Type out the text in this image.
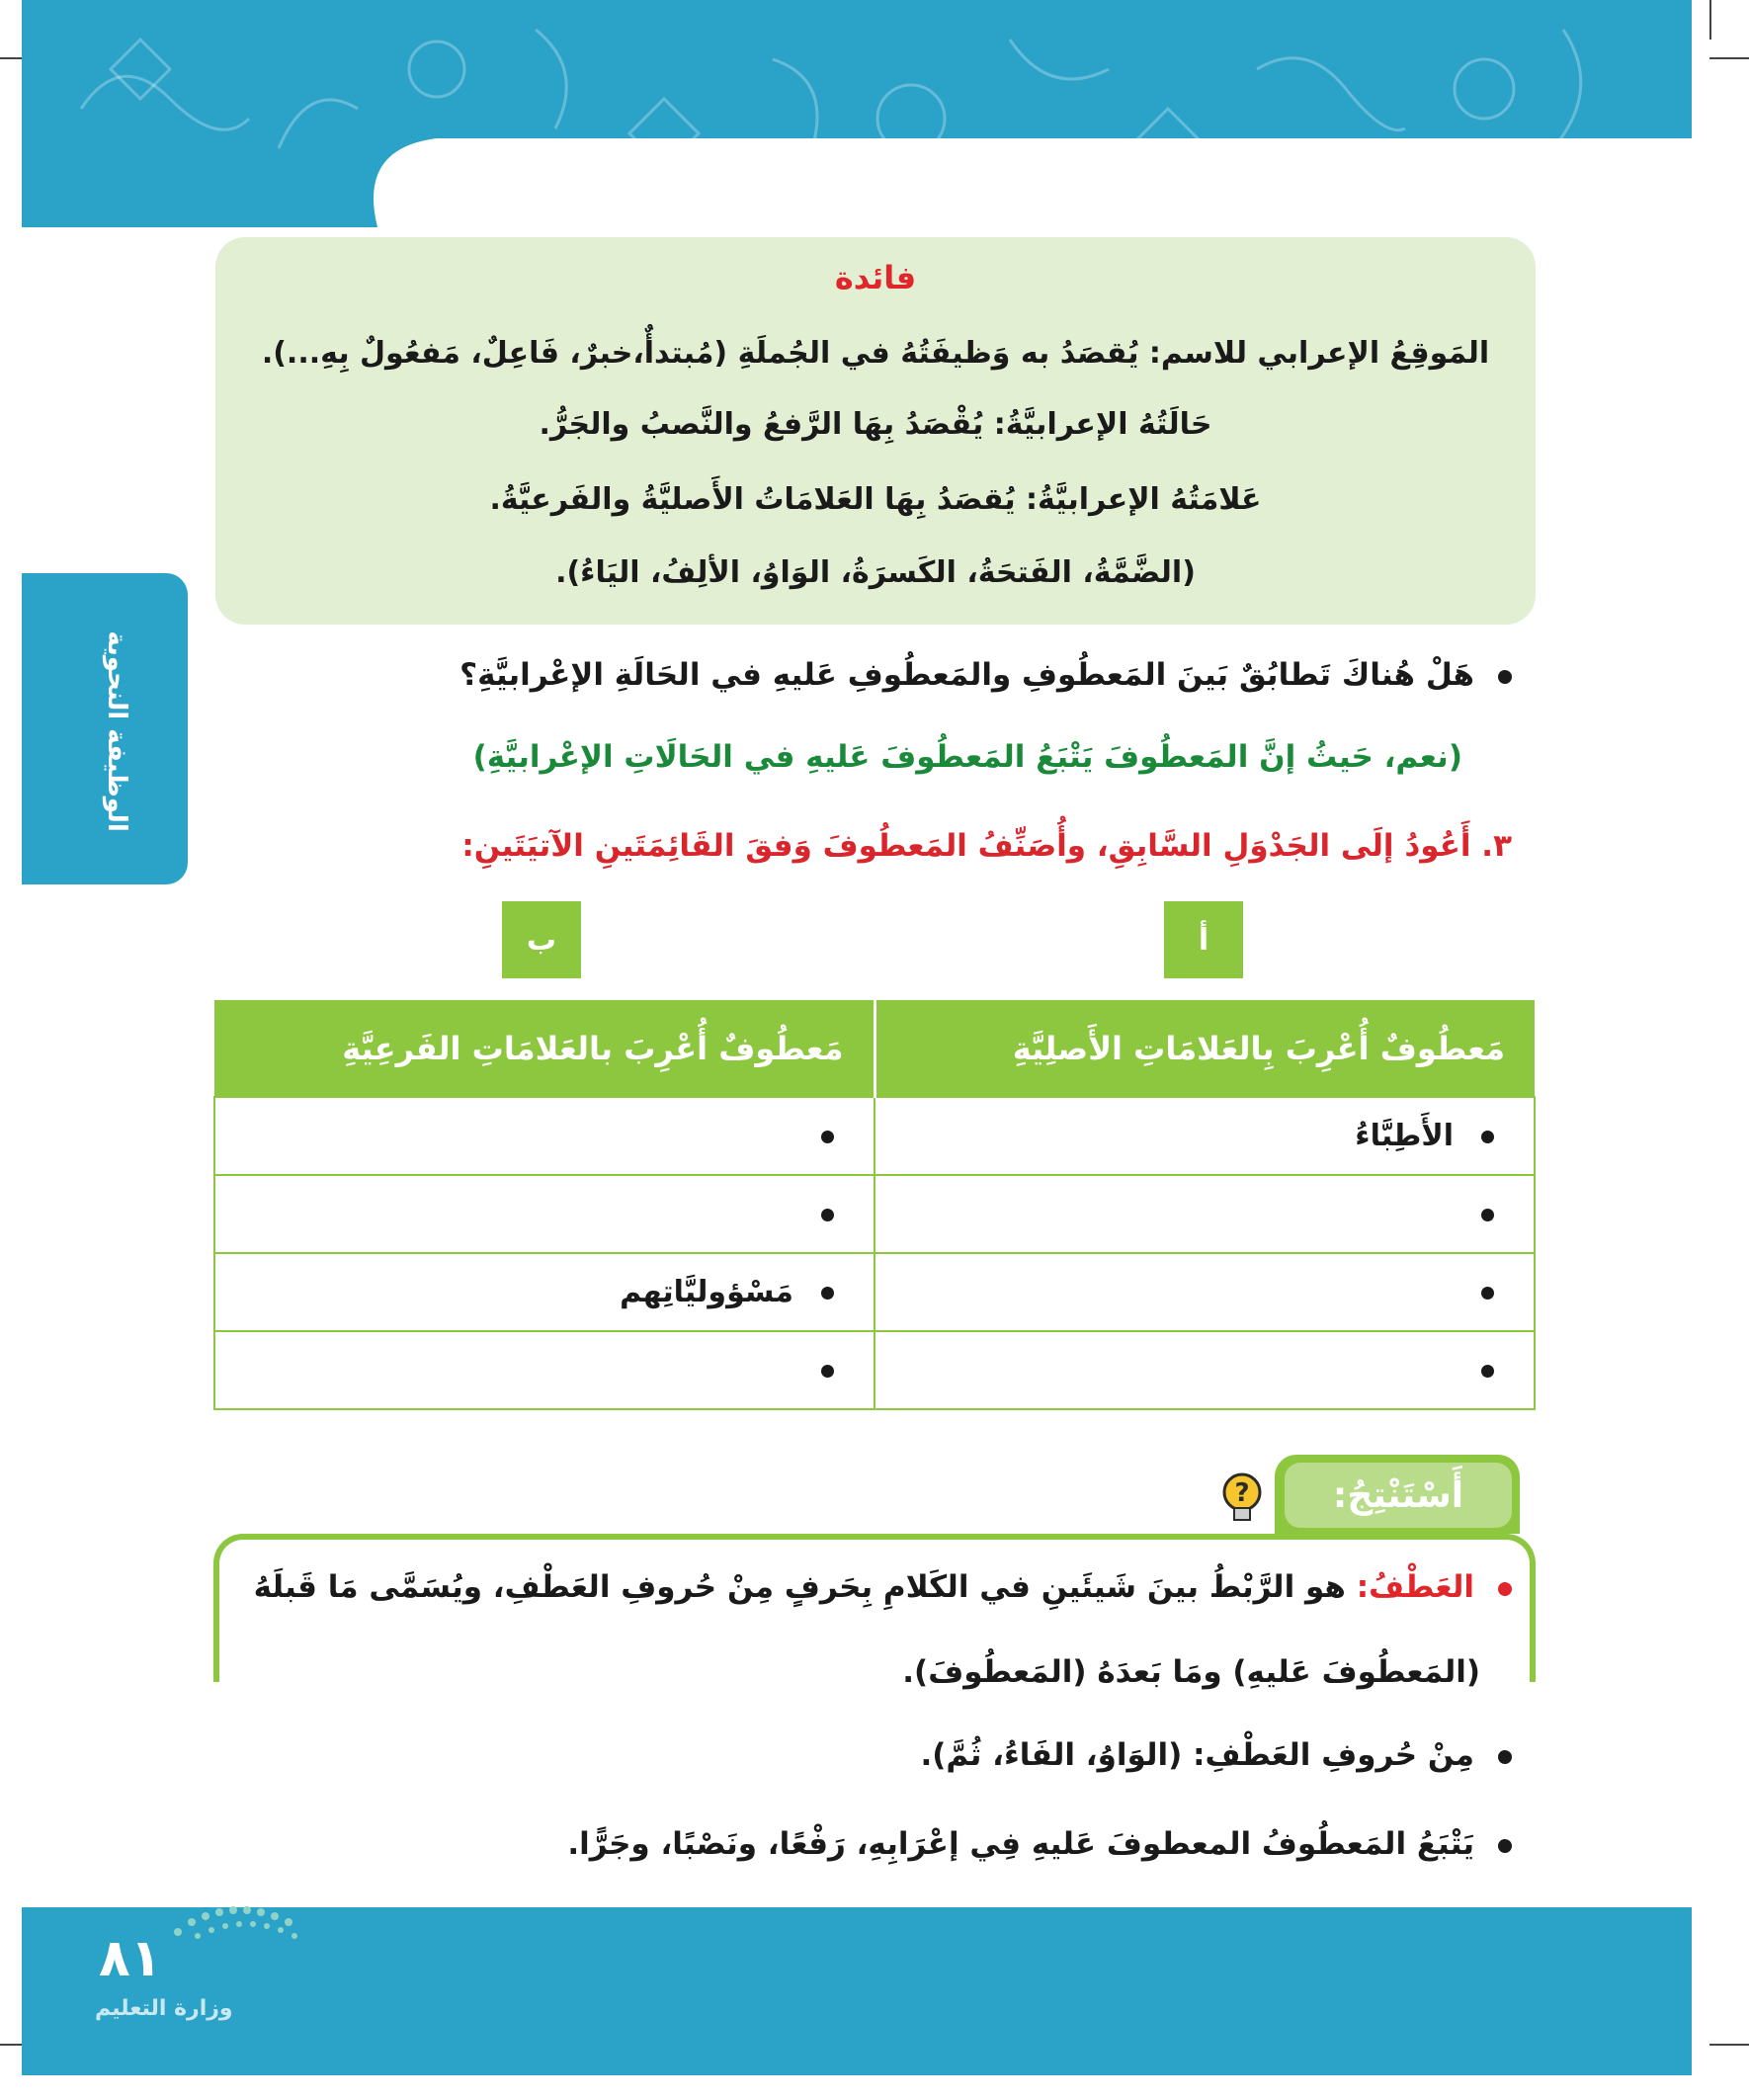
الوظيفة النحوية
فائدة
المَوقِعُ الإعرابي للاسم: يُقصَدُ به وَظيفَتُهُ في الجُملَةِ (مُبتدأٌ،خبرٌ، فَاعِلٌ، مَفعُولٌ بِهِ...).
حَالَتُهُ الإعرابيَّةُ: يُقْصَدُ بِهَا الرَّفعُ والنَّصبُ والجَرُّ.
عَلامَتُهُ الإعرابيَّةُ: يُقصَدُ بِهَا العَلامَاتُ الأَصليَّةُ والفَرعيَّةُ.
(الضَّمَّةُ، الفَتحَةُ، الكَسرَةُ، الوَاوُ، الألِفُ، اليَاءُ).
هَلْ هُناكَ تَطابُقٌ بَينَ المَعطُوفِ والمَعطُوفِ عَليهِ في الحَالَةِ الإعْرابيَّةِ؟
(نعم، حَيثُ إنَّ المَعطُوفَ يَتْبَعُ المَعطُوفَ عَليهِ في الحَالَاتِ الإعْرابيَّةِ)
٣. أَعُودُ إلَى الجَدْوَلِ السَّابِقِ، وأُصَنِّفُ المَعطُوفَ وَفقَ القَائِمَتَينِ الآتيَتَينِ:
أ
ب
مَعطُوفٌ أُعْرِبَ بِالعَلامَاتِ الأَصلِيَّةِ	مَعطُوفٌ أُعْرِبَ بالعَلامَاتِ الفَرعِيَّةِ
الأَطِبَّاءُ	

	مَسْؤوليَّاتِهم

أَسْتَنْتِجُ:
?
العَطْفُ: هو الرَّبْطُ بينَ شَيئَينِ في الكَلامِ بِحَرفٍ مِنْ حُروفِ العَطْفِ، ويُسَمَّى مَا قَبلَهُ
(المَعطُوفَ عَليهِ) ومَا بَعدَهُ (المَعطُوفَ).
مِنْ حُروفِ العَطْفِ: (الوَاوُ، الفَاءُ، ثُمَّ).
يَتْبَعُ المَعطُوفُ المعطوفَ عَليهِ فِي إعْرَابِهِ، رَفْعًا، ونَصْبًا، وجَرًّا.
٨١
وزارة التعليم
